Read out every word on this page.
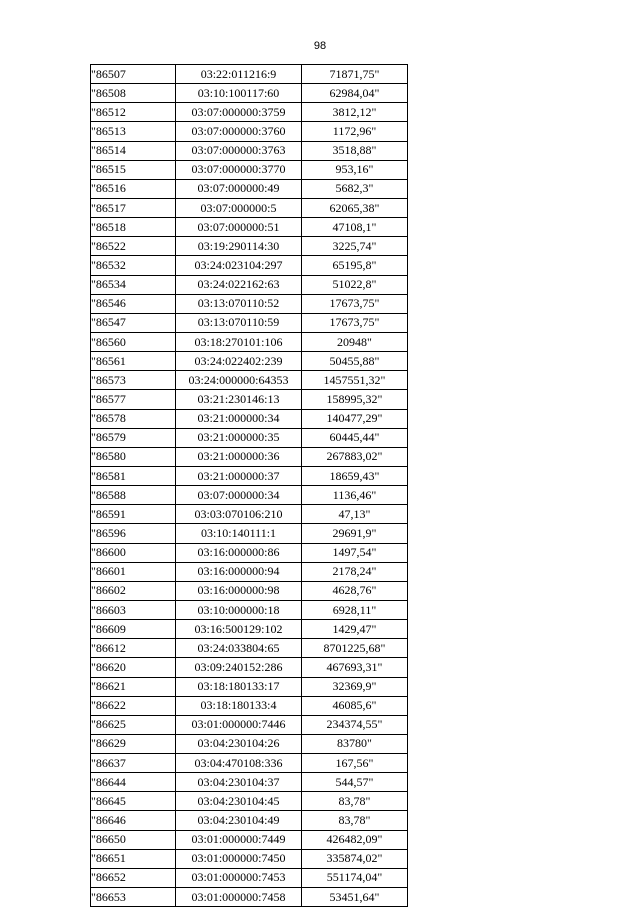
98
"86507	03:22:011216:9	71871,75"
"86508	03:10:100117:60	62984,04"
"86512	03:07:000000:3759	3812,12"
"86513	03:07:000000:3760	1172,96"
"86514	03:07:000000:3763	3518,88"
"86515	03:07:000000:3770	953,16"
"86516	03:07:000000:49	5682,3"
"86517	03:07:000000:5	62065,38"
"86518	03:07:000000:51	47108,1"
"86522	03:19:290114:30	3225,74"
"86532	03:24:023104:297	65195,8"
"86534	03:24:022162:63	51022,8"
"86546	03:13:070110:52	17673,75"
"86547	03:13:070110:59	17673,75"
"86560	03:18:270101:106	20948"
"86561	03:24:022402:239	50455,88"
"86573	03:24:000000:64353	1457551,32"
"86577	03:21:230146:13	158995,32"
"86578	03:21:000000:34	140477,29"
"86579	03:21:000000:35	60445,44"
"86580	03:21:000000:36	267883,02"
"86581	03:21:000000:37	18659,43"
"86588	03:07:000000:34	1136,46"
"86591	03:03:070106:210	47,13"
"86596	03:10:140111:1	29691,9"
"86600	03:16:000000:86	1497,54"
"86601	03:16:000000:94	2178,24"
"86602	03:16:000000:98	4628,76"
"86603	03:10:000000:18	6928,11"
"86609	03:16:500129:102	1429,47"
"86612	03:24:033804:65	8701225,68"
"86620	03:09:240152:286	467693,31"
"86621	03:18:180133:17	32369,9"
"86622	03:18:180133:4	46085,6"
"86625	03:01:000000:7446	234374,55"
"86629	03:04:230104:26	83780"
"86637	03:04:470108:336	167,56"
"86644	03:04:230104:37	544,57"
"86645	03:04:230104:45	83,78"
"86646	03:04:230104:49	83,78"
"86650	03:01:000000:7449	426482,09"
"86651	03:01:000000:7450	335874,02"
"86652	03:01:000000:7453	551174,04"
"86653	03:01:000000:7458	53451,64"
